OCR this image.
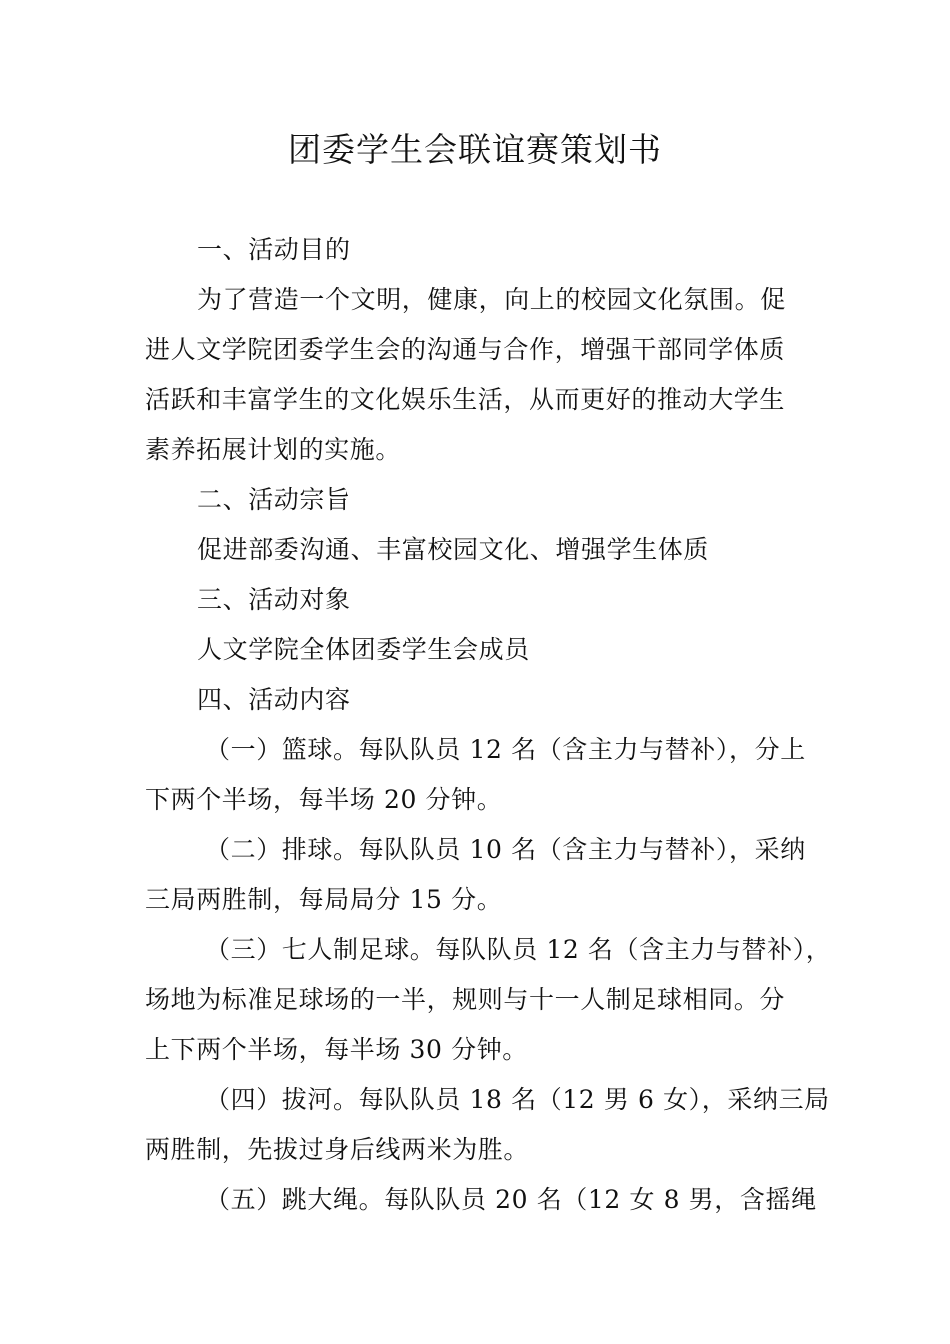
团委学生会联谊赛策划书
一、活动目的
为了营造一个文明，健康，向上的校园文化氛围。促
进人文学院团委学生会的沟通与合作，增强干部同学体质
活跃和丰富学生的文化娱乐生活，从而更好的推动大学生
素养拓展计划的实施。
二、活动宗旨
促进部委沟通、丰富校园文化、增强学生体质
三、活动对象
人文学院全体团委学生会成员
四、活动内容
（一）篮球。每队队员 12 名（含主力与替补），分上
下两个半场，每半场 20 分钟。
（二）排球。每队队员 10 名（含主力与替补），采纳
三局两胜制，每局局分 15 分。
（三）七人制足球。每队队员 12 名（含主力与替补），
场地为标准足球场的一半，规则与十一人制足球相同。分
上下两个半场，每半场 30 分钟。
（四）拔河。每队队员 18 名（12 男 6 女），采纳三局
两胜制，先拔过身后线两米为胜。
（五）跳大绳。每队队员 20 名（12 女 8 男，含摇绳
